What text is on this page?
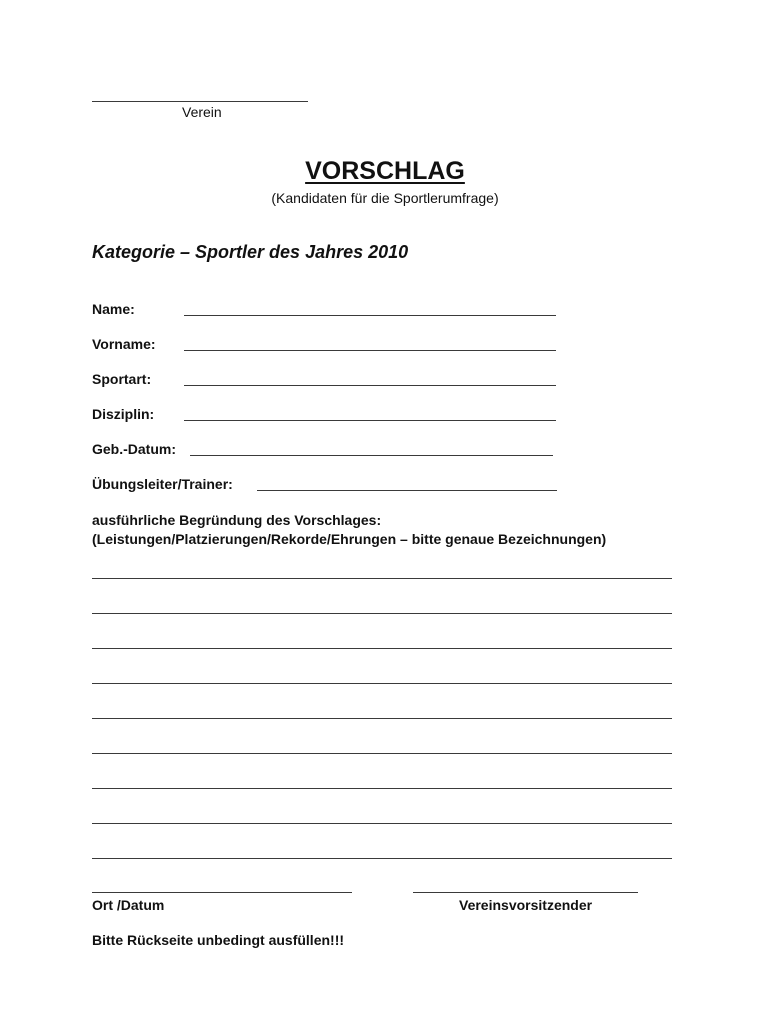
Verein
VORSCHLAG
(Kandidaten für die Sportlerumfrage)
Kategorie – Sportler des Jahres 2010
Name:
Vorname:
Sportart:
Disziplin:
Geb.-Datum:
Übungsleiter/Trainer:
ausführliche Begründung des Vorschlages:
(Leistungen/Platzierungen/Rekorde/Ehrungen – bitte genaue Bezeichnungen)
Ort /Datum	Vereinsvorsitzender
Bitte Rückseite unbedingt ausfüllen!!!
